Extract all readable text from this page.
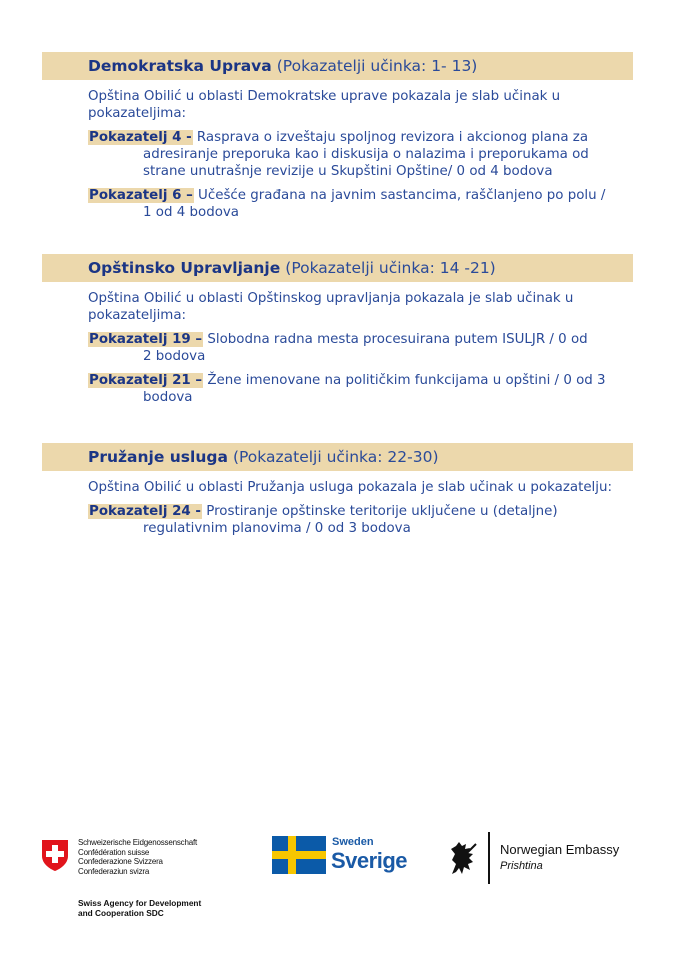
Demokratska Uprava (Pokazatelji učinka: 1- 13)
Opština Obilić u oblasti Demokratske uprave pokazala je slab učinak u pokazateljima:
Pokazatelj 4 - Rasprava o izveštaju spoljnog revizora i akcionog plana za
adresiranje preporuka kao i diskusija o nalazima i preporukama od strane unutrašnje revizije u Skupštini Opštine/ 0 od 4 bodova
Pokazatelj 6 – Učešće građana na javnim sastancima, raščlanjeno po polu /
1 od 4 bodova
Opštinsko Upravljanje (Pokazatelji učinka: 14 -21)
Opština Obilić u oblasti Opštinskog upravljanja pokazala je slab učinak u pokazateljima:
Pokazatelj 19 – Slobodna radna mesta procesuirana putem ISULJR / 0 od
2 bodova
Pokazatelj 21 – Žene imenovane na političkim funkcijama u opštini / 0 od 3
bodova
Pružanje usluga (Pokazatelji učinka: 22-30)
Opština Obilić u oblasti Pružanja usluga pokazala je slab učinak u pokazatelju:
Pokazatelj 24 - Prostiranje opštinske teritorije uključene u (detaljne)
regulativnim planovima / 0 od 3 bodova
Schweizerische Eidgenossenschaft
Confédération suisse
Confederazione Svizzera
Confederaziun svizra
Swiss Agency for Development
and Cooperation SDC
Sweden
Sverige	Norwegian Embassy
Prishtina
